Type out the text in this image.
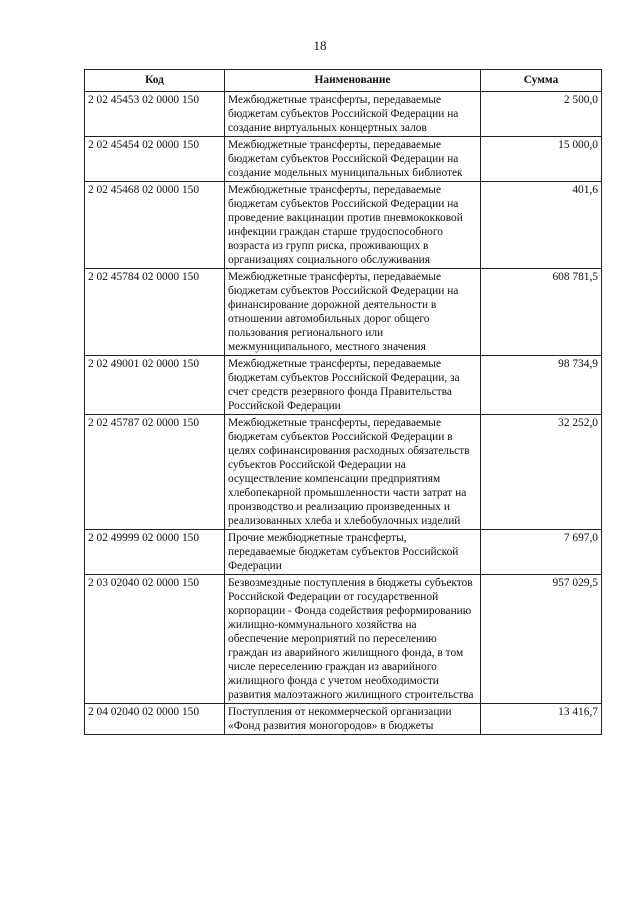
18
Код	Наименование	Сумма
2 02 45453 02 0000 150	Межбюджетные трансферты, передаваемые бюджетам субъектов Российской Федерации на создание виртуальных концертных залов	2 500,0
2 02 45454 02 0000 150	Межбюджетные трансферты, передаваемые бюджетам субъектов Российской Федерации на создание модельных муниципальных библиотек	15 000,0
2 02 45468 02 0000 150	Межбюджетные трансферты, передаваемые бюджетам субъектов Российской Федерации на проведение вакцинации против пневмококковой инфекции граждан старше трудоспособного возраста из групп риска, проживающих в организациях социального обслуживания	401,6
2 02 45784 02 0000 150	Межбюджетные трансферты, передаваемые бюджетам субъектов Российской Федерации на финансирование дорожной деятельности в отношении автомобильных дорог общего пользования регионального или межмуниципального, местного значения	608 781,5
2 02 49001 02 0000 150	Межбюджетные трансферты, передаваемые бюджетам субъектов Российской Федерации, за счет средств резервного фонда Правительства Российской Федерации	98 734,9
2 02 45787 02 0000 150	Межбюджетные трансферты, передаваемые бюджетам субъектов Российской Федерации в целях софинансирования расходных обязательств субъектов Российской Федерации на осуществление компенсации предприятиям хлебопекарной промышленности части затрат на производство и реализацию произведенных и реализованных хлеба и хлебобулочных изделий	32 252,0
2 02 49999 02 0000 150	Прочие межбюджетные трансферты, передаваемые бюджетам субъектов Российской Федерации	7 697,0
2 03 02040 02 0000 150	Безвозмездные поступления в бюджеты субъектов Российской Федерации от государственной корпорации - Фонда содействия реформированию жилищно-коммунального хозяйства на обеспечение мероприятий по переселению граждан из аварийного жилищного фонда, в том числе переселению граждан из аварийного жилищного фонда с учетом необходимости развития малоэтажного жилищного строительства	957 029,5
2 04 02040 02 0000 150	Поступления от некоммерческой организации «Фонд развития моногородов» в бюджеты	13 416,7
